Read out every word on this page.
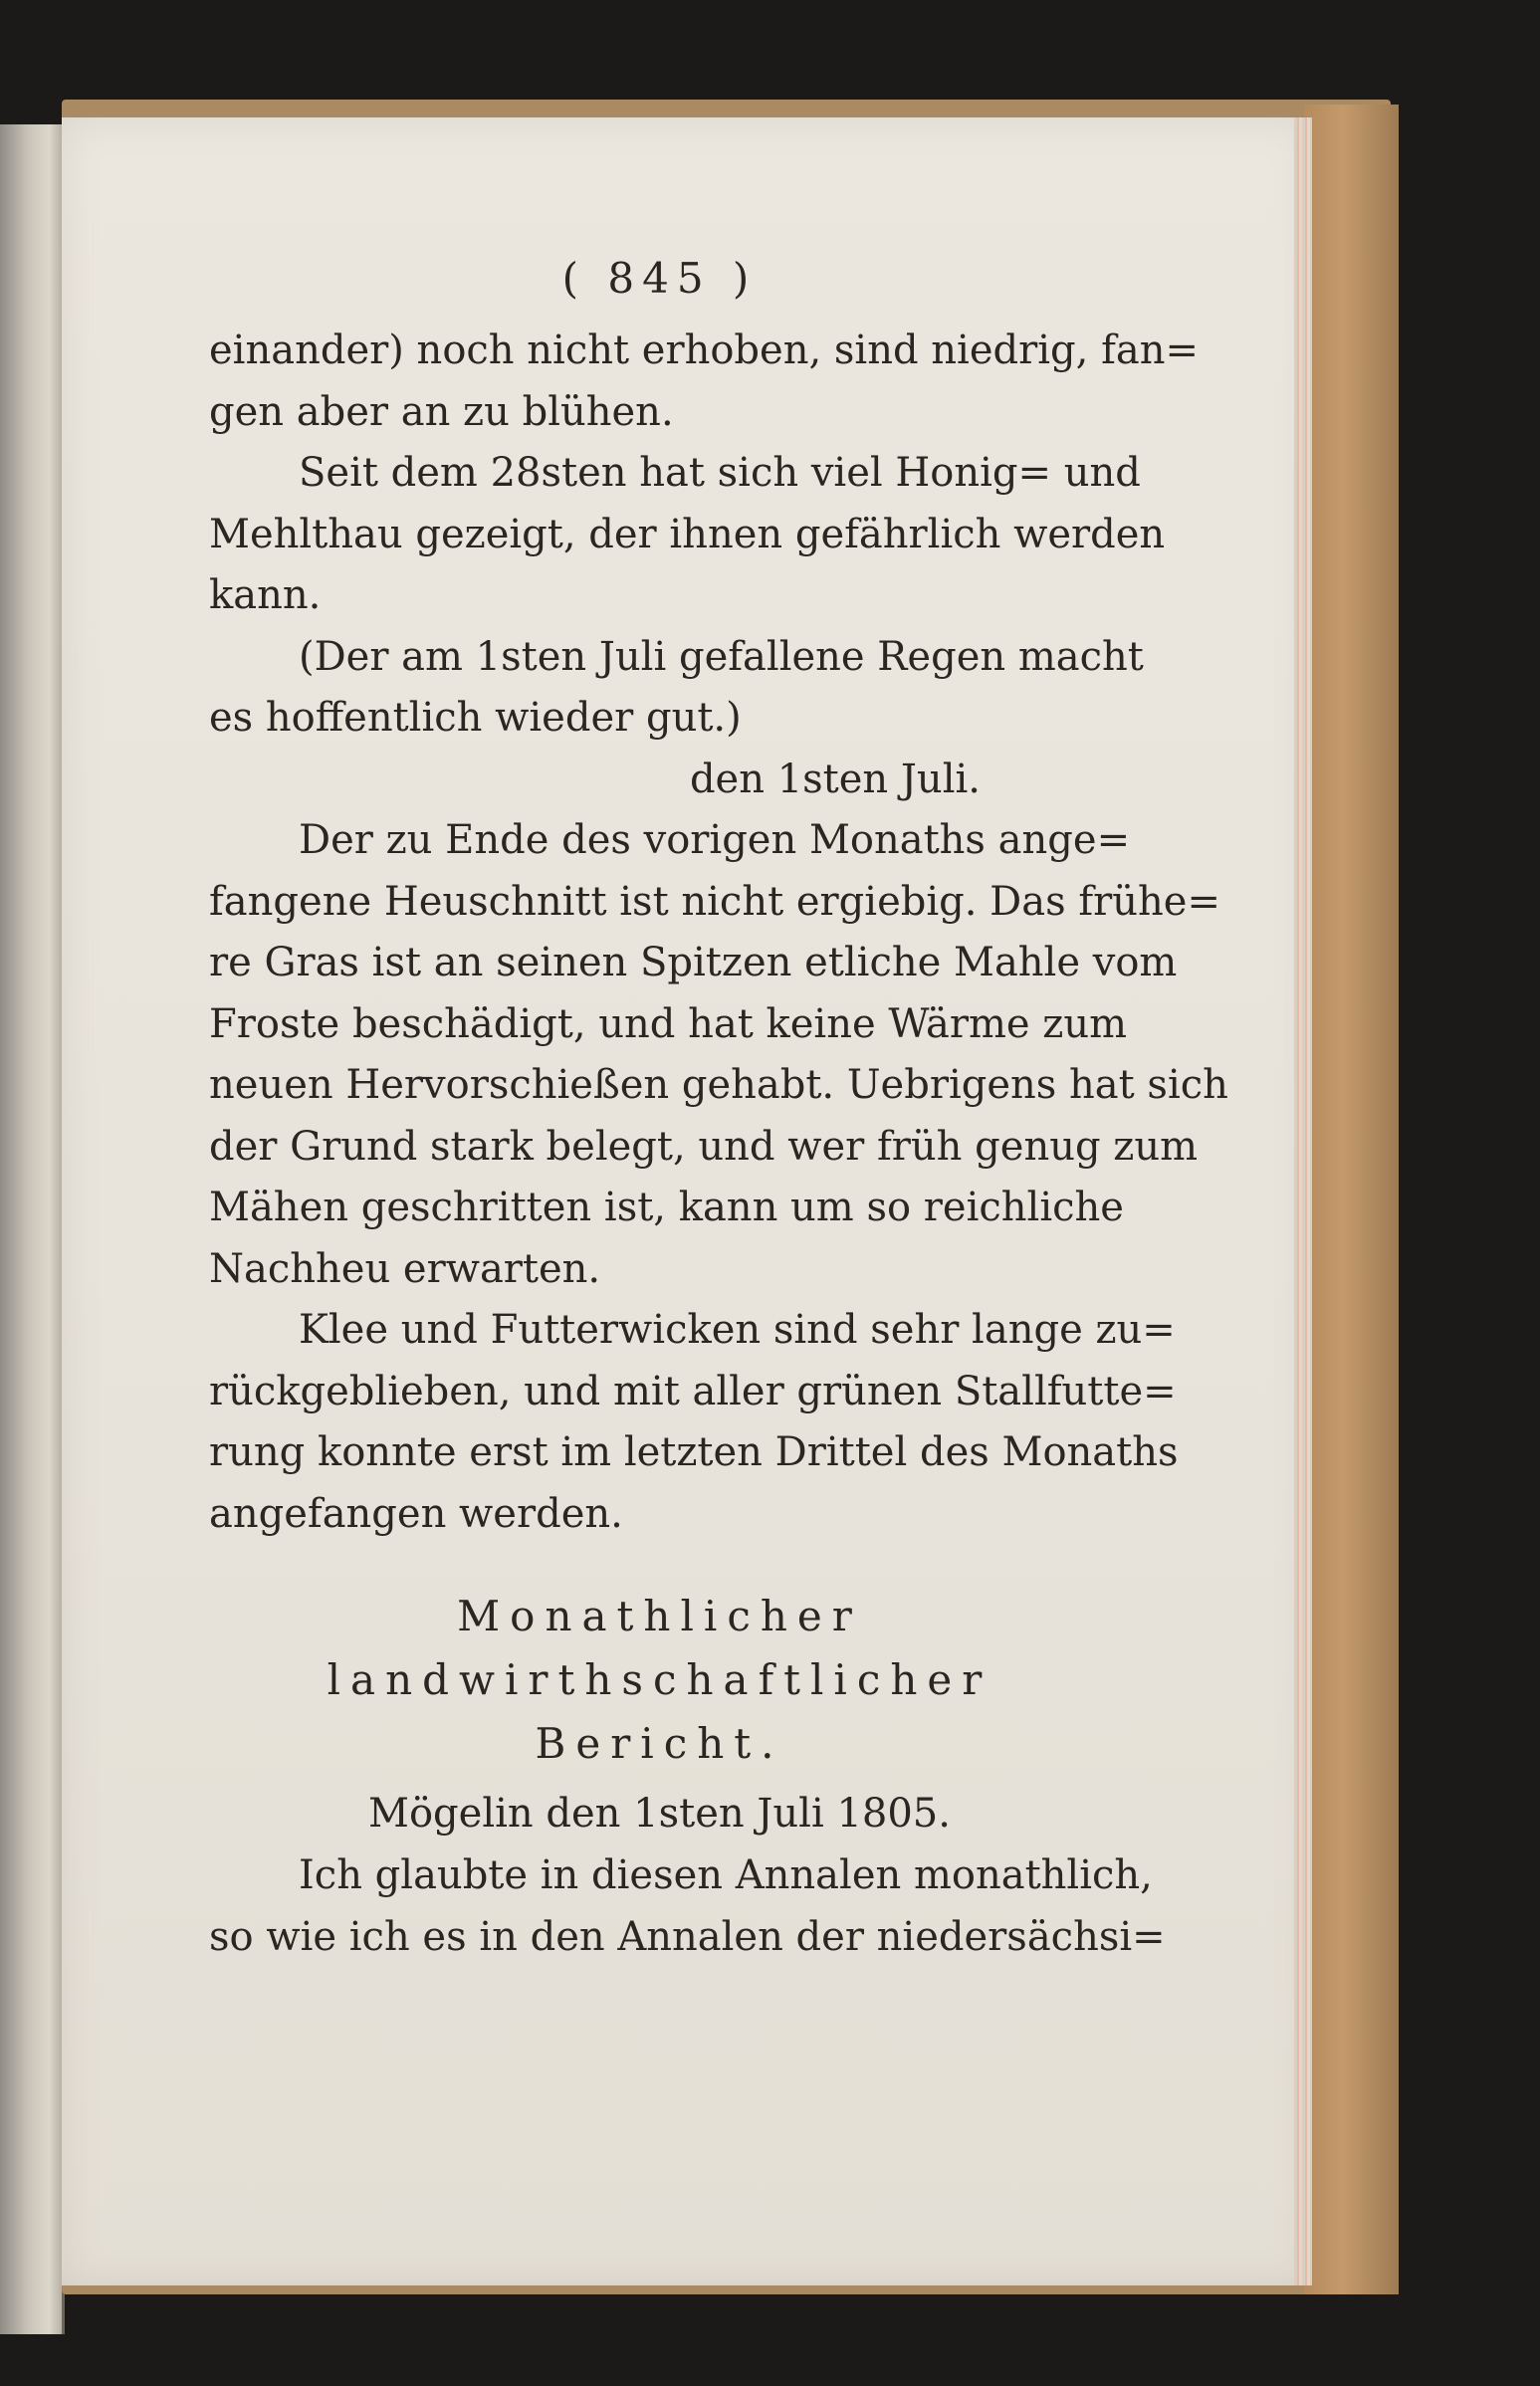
( 845 )
einander) noch nicht erhoben, sind niedrig, fan=
gen aber an zu blühen.
Seit dem 28sten hat sich viel Honig= und
Mehlthau gezeigt, der ihnen gefährlich werden
kann.
(Der am 1sten Juli gefallene Regen macht
es hoffentlich wieder gut.)
den 1sten Juli.
Der zu Ende des vorigen Monaths ange=
fangene Heuschnitt ist nicht ergiebig. Das frühe=
re Gras ist an seinen Spitzen etliche Mahle vom
Froste beschädigt, und hat keine Wärme zum
neuen Hervorschießen gehabt. Uebrigens hat sich
der Grund stark belegt, und wer früh genug zum
Mähen geschritten ist, kann um so reichliche
Nachheu erwarten.
Klee und Futterwicken sind sehr lange zu=
rückgeblieben, und mit aller grünen Stallfutte=
rung konnte erst im letzten Drittel des Monaths
angefangen werden.
Monathlicher landwirthschaftlicher
Bericht.
Mögelin den 1sten Juli 1805.
Ich glaubte in diesen Annalen monathlich,
so wie ich es in den Annalen der niedersächsi=
